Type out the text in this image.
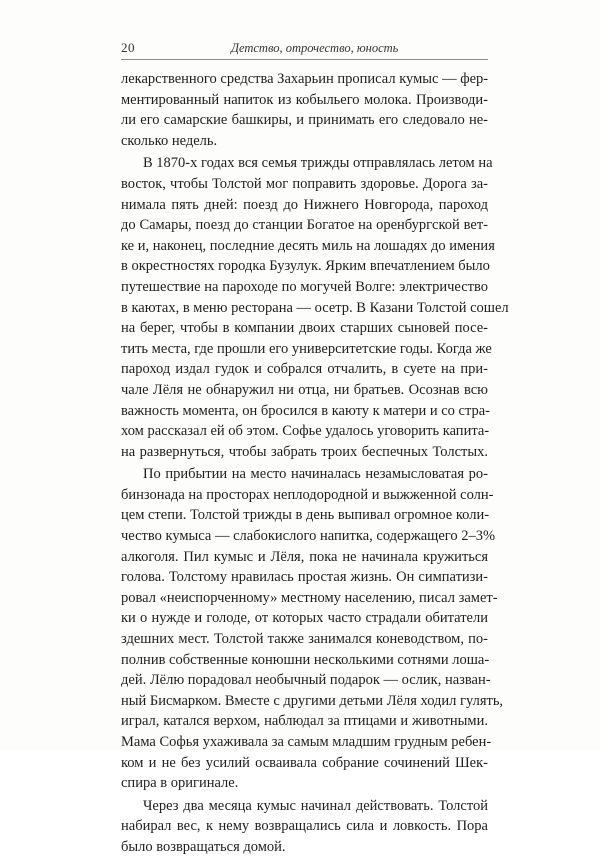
20	Детство, отрочество, юность
лекарственного средства Захарьин прописал кумыс — фер-
ментированный напиток из кобыльего молока. Производи-
ли его самарские башкиры, и принимать его следовало не-
сколько недель.
В 1870-х годах вся семья трижды отправлялась летом на
восток, чтобы Толстой мог поправить здоровье. Дорога за-
нимала пять дней: поезд до Нижнего Новгорода, пароход
до Самары, поезд до станции Богатое на оренбургской вет-
ке и, наконец, последние десять миль на лошадях до имения
в окрестностях городка Бузулук. Ярким впечатлением было
путешествие на пароходе по могучей Волге: электричество
в каютах, в меню ресторана — осетр. В Казани Толстой сошел
на берег, чтобы в компании двоих старших сыновей посе-
тить места, где прошли его университетские годы. Когда же
пароход издал гудок и собрался отчалить, в суете на при-
чале Лёля не обнаружил ни отца, ни братьев. Осознав всю
важность момента, он бросился в каюту к матери и со стра-
хом рассказал ей об этом. Софье удалось уговорить капита-
на развернуться, чтобы забрать троих беспечных Толстых.
По прибытии на место начиналась незамысловатая ро-
бинзонада на просторах неплодородной и выжженной солн-
цем степи. Толстой трижды в день выпивал огромное коли-
чество кумыса — слабокислого напитка, содержащего 2–3%
алкоголя. Пил кумыс и Лёля, пока не начинала кружиться
голова. Толстому нравилась простая жизнь. Он симпатизи-
ровал «неиспорченному» местному населению, писал замет-
ки о нужде и голоде, от которых часто страдали обитатели
здешних мест. Толстой также занимался коневодством, по-
полнив собственные конюшни несколькими сотнями лоша-
дей. Лёлю порадовал необычный подарок — ослик, назван-
ный Бисмарком. Вместе с другими детьми Лёля ходил гулять,
играл, катался верхом, наблюдал за птицами и животными.
Мама Софья ухаживала за самым младшим грудным ребен-
ком и не без усилий осваивала собрание сочинений Шек-
спира в оригинале.
Через два месяца кумыс начинал действовать. Толстой
набирал вес, к нему возвращались сила и ловкость. Пора
было возвращаться домой.
